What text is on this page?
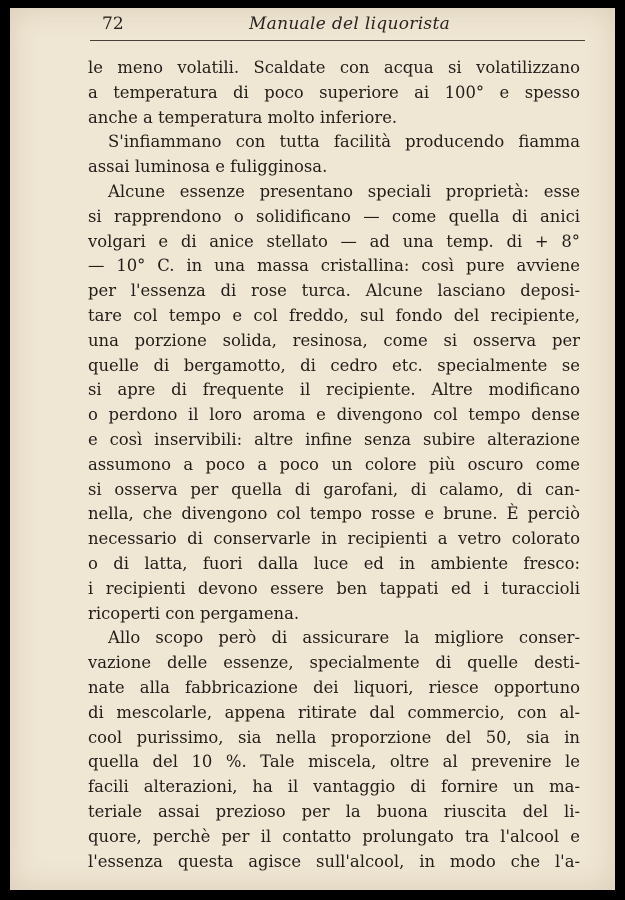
72	Manuale del liquorista
le meno volatili. Scaldate con acqua si volatilizzano
a temperatura di poco superiore ai 100° e spesso
anche a temperatura molto inferiore.
S'infiammano con tutta facilità producendo fiamma
assai luminosa e fuligginosa.
Alcune essenze presentano speciali proprietà: esse
si rapprendono o solidificano — come quella di anici
volgari e di anice stellato — ad una temp. di + 8°
— 10° C. in una massa cristallina: così pure avviene
per l'essenza di rose turca. Alcune lasciano deposi-
tare col tempo e col freddo, sul fondo del recipiente,
una porzione solida, resinosa, come si osserva per
quelle di bergamotto, di cedro etc. specialmente se
si apre di frequente il recipiente. Altre modificano
o perdono il loro aroma e divengono col tempo dense
e così inservibili: altre infine senza subire alterazione
assumono a poco a poco un colore più oscuro come
si osserva per quella di garofani, di calamo, di can-
nella, che divengono col tempo rosse e brune. È perciò
necessario di conservarle in recipienti a vetro colorato
o di latta, fuori dalla luce ed in ambiente fresco:
i recipienti devono essere ben tappati ed i turaccioli
ricoperti con pergamena.
Allo scopo però di assicurare la migliore conser-
vazione delle essenze, specialmente di quelle desti-
nate alla fabbricazione dei liquori, riesce opportuno
di mescolarle, appena ritirate dal commercio, con al-
cool purissimo, sia nella proporzione del 50, sia in
quella del 10 %. Tale miscela, oltre al prevenire le
facili alterazioni, ha il vantaggio di fornire un ma-
teriale assai prezioso per la buona riuscita del li-
quore, perchè per il contatto prolungato tra l'alcool e
l'essenza questa agisce sull'alcool, in modo che l'a-
